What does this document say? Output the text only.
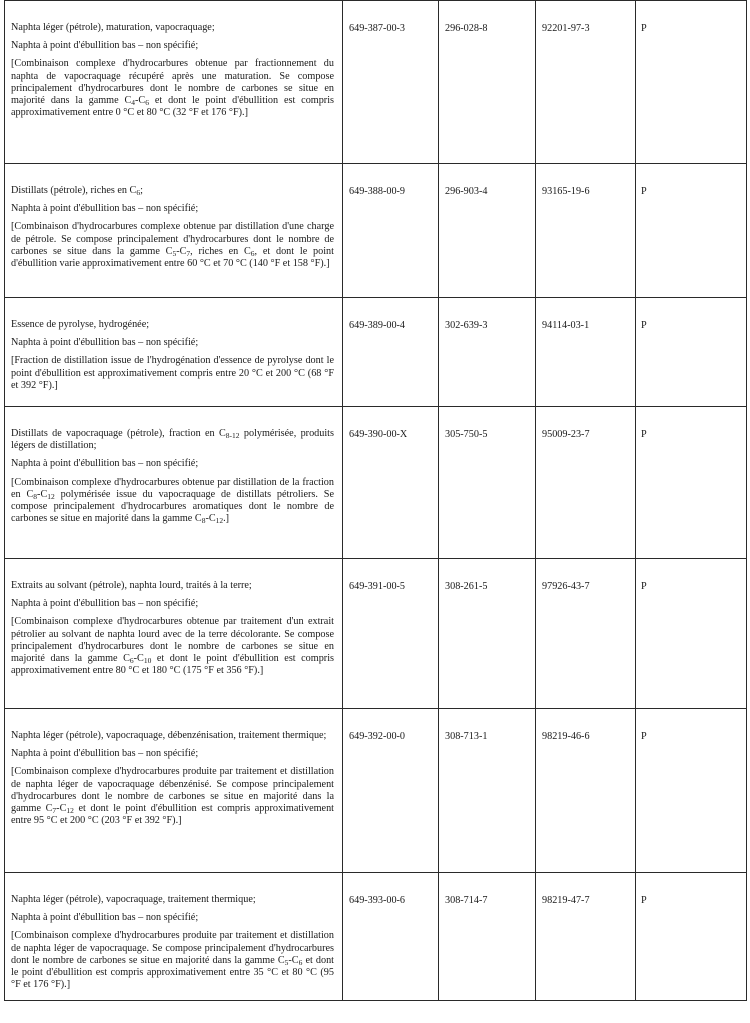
Naphta léger (pétrole), maturation, vapocraquage;

Naphta à point d'ébullition bas – non spécifié;

[Combinaison complexe d'hydrocarbures obtenue par fractionnement du naphta de vapocraquage récupéré après une maturation. Se compose principalement d'hydrocarbures dont le nombre de carbones se situe en majorité dans la gamme $C_4-C_6$ et dont le point d'ébullition est compris approximativement entre 0 °C et 80 °C (32 °F et 176 °F).]	649-387-00-3	296-028-8	92201-97-3	P

Distillats (pétrole), riches en $C_6$;

Naphta à point d'ébullition bas – non spécifié;

[Combinaison d'hydrocarbures complexe obtenue par distillation d'une charge de pétrole. Se compose principalement d'hydrocarbures dont le nombre de carbones se situe dans la gamme $C_5-C_7$, riches en $C_6$, et dont le point d'ébullition varie approximativement entre 60 °C et 70 °C (140 °F et 158 °F).]	649-388-00-9	296-903-4	93165-19-6	P

Essence de pyrolyse, hydrogénée;

Naphta à point d'ébullition bas – non spécifié;

[Fraction de distillation issue de l'hydrogénation d'essence de pyrolyse dont le point d'ébullition est approximativement compris entre 20 °C et 200 °C (68 °F et 392 °F).]	649-389-00-4	302-639-3	94114-03-1	P

Distillats de vapocraquage (pétrole), fraction en $C_{8-12}$ polymérisée, produits légers de distillation;

Naphta à point d'ébullition bas – non spécifié;

[Combinaison complexe d'hydrocarbures obtenue par distillation de la fraction en $C_8-C_{12}$ polymérisée issue du vapocraquage de distillats pétroliers. Se compose principalement d'hydrocarbures aromatiques dont le nombre de carbones se situe en majorité dans la gamme $C_8-C_{12}$.]	649-390-00-X	305-750-5	95009-23-7	P

Extraits au solvant (pétrole), naphta lourd, traités à la terre;

Naphta à point d'ébullition bas – non spécifié;

[Combinaison complexe d'hydrocarbures obtenue par traitement d'un extrait pétrolier au solvant de naphta lourd avec de la terre décolorante. Se compose principalement d'hydrocarbures dont le nombre de carbones se situe en majorité dans la gamme $C_6-C_{10}$ et dont le point d'ébullition est compris approximativement entre 80 °C et 180 °C (175 °F et 356 °F).]	649-391-00-5	308-261-5	97926-43-7	P

Naphta léger (pétrole), vapocraquage, débenzénisation, traitement thermique;

Naphta à point d'ébullition bas – non spécifié;

[Combinaison complexe d'hydrocarbures produite par traitement et distillation de naphta léger de vapocraquage débenzénisé. Se compose principalement d'hydrocarbures dont le nombre de carbones se situe en majorité dans la gamme $C_7-C_{12}$ et dont le point d'ébullition est compris approximativement entre 95 °C et 200 °C (203 °F et 392 °F).]	649-392-00-0	308-713-1	98219-46-6	P

Naphta léger (pétrole), vapocraquage, traitement thermique;

Naphta à point d'ébullition bas – non spécifié;

[Combinaison complexe d'hydrocarbures produite par traitement et distillation de naphta léger de vapocraquage. Se compose principalement d'hydrocarbures dont le nombre de carbones se situe en majorité dans la gamme $C_5-C_6$ et dont le point d'ébullition est compris approximativement entre 35 °C et 80 °C (95 °F et 176 °F).]	649-393-00-6	308-714-7	98219-47-7	P
